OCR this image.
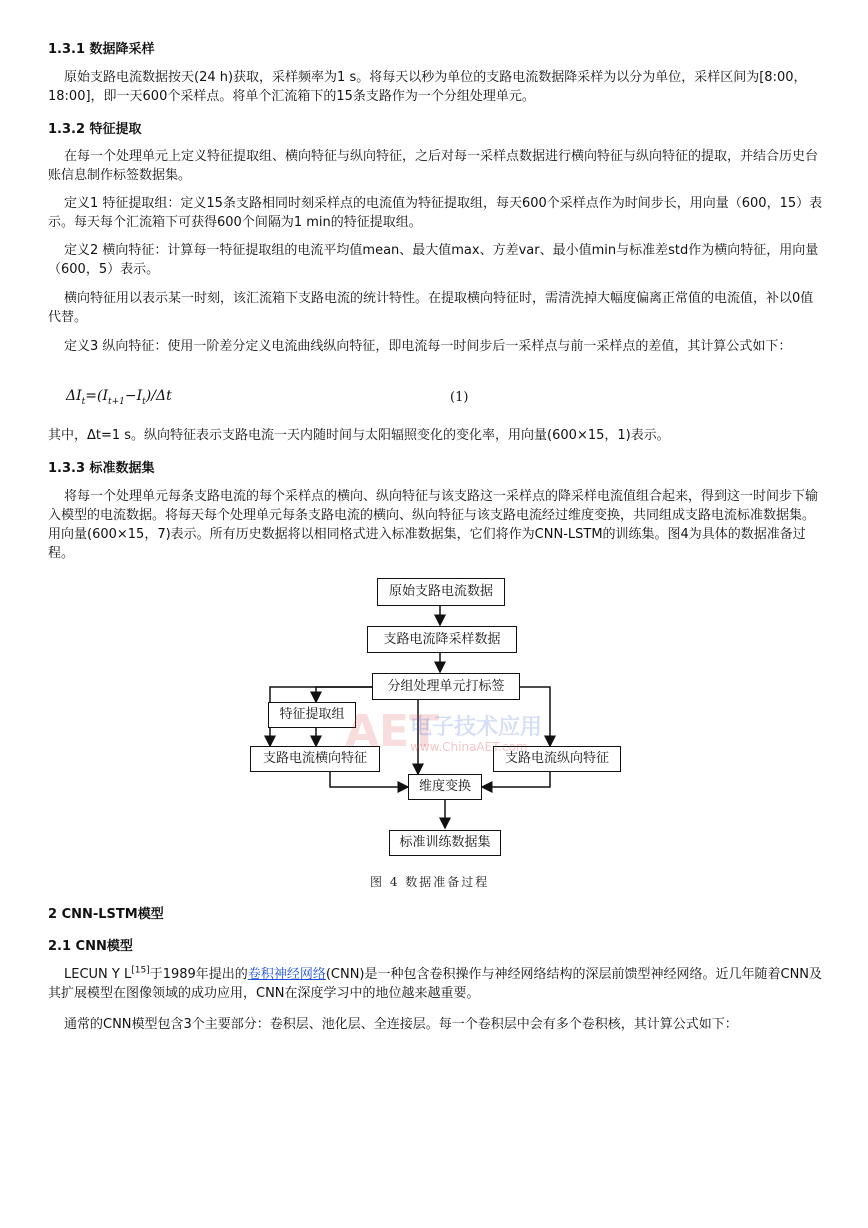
1.3.1 数据降采样
原始支路电流数据按天(24 h)获取，采样频率为1 s。将每天以秒为单位的支路电流数据降采样为以分为单位，采样区间为[8:00，18:00]，即一天600个采样点。将单个汇流箱下的15条支路作为一个分组处理单元。
1.3.2 特征提取
在每一个处理单元上定义特征提取组、横向特征与纵向特征，之后对每一采样点数据进行横向特征与纵向特征的提取，并结合历史台账信息制作标签数据集。
定义1 特征提取组：定义15条支路相同时刻采样点的电流值为特征提取组，每天600个采样点作为时间步长，用向量（600，15）表示。每天每个汇流箱下可获得600个间隔为1 min的特征提取组。
定义2 横向特征：计算每一特征提取组的电流平均值mean、最大值max、方差var、最小值min与标准差std作为横向特征，用向量（600，5）表示。
横向特征用以表示某一时刻，该汇流箱下支路电流的统计特性。在提取横向特征时，需清洗掉大幅度偏离正常值的电流值，补以0值代替。
定义3 纵向特征：使用一阶差分定义电流曲线纵向特征，即电流每一时间步后一采样点与前一采样点的差值，其计算公式如下：
$\Delta I_t=(I_{t+1}-I_t)/\Delta t$	(1)
其中，Δt=1 s。纵向特征表示支路电流一天内随时间与太阳辐照变化的变化率，用向量(600×15，1)表示。
1.3.3 标准数据集
将每一个处理单元每条支路电流的每个采样点的横向、纵向特征与该支路这一采样点的降采样电流值组合起来，得到这一时间步下输入模型的电流数据。将每天每个处理单元每条支路电流的横向、纵向特征与该支路电流经过维度变换，共同组成支路电流标准数据集。用向量(600×15，7)表示。所有历史数据将以相同格式进入标准数据集，它们将作为CNN-LSTM的训练集。图4为具体的数据准备过程。
2 CNN-LSTM模型
2.1 CNN模型
LECUN Y L[15]于1989年提出的卷积神经网络(CNN)是一种包含卷积操作与神经网络结构的深层前馈型神经网络。近几年随着CNN及其扩展模型在图像领域的成功应用，CNN在深度学习中的地位越来越重要。
通常的CNN模型包含3个主要部分：卷积层、池化层、全连接层。每一个卷积层中会有多个卷积核，其计算公式如下：
原始支路电流数据
支路电流降采样数据
分组处理单元打标签
特征提取组
支路电流横向特征	支路电流纵向特征
维度变换
标准训练数据集
AET
电子技术应用
www.ChinaAET.com
图 4 数据准备过程
